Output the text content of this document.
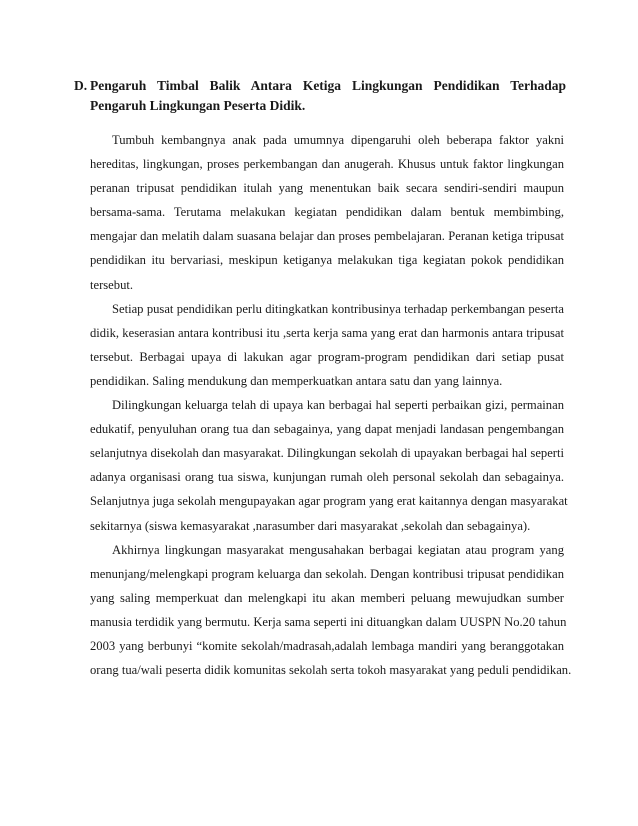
D. Pengaruh Timbal Balik Antara Ketiga Lingkungan Pendidikan Terhadap Pengaruh Lingkungan Peserta Didik.
Tumbuh kembangnya anak pada umumnya dipengaruhi oleh beberapa faktor yakni
hereditas, lingkungan, proses perkembangan dan anugerah. Khusus untuk faktor lingkungan
peranan tripusat pendidikan itulah yang menentukan baik secara sendiri-sendiri maupun
bersama-sama. Terutama melakukan kegiatan pendidikan dalam bentuk membimbing,
mengajar dan melatih dalam suasana belajar dan proses pembelajaran. Peranan ketiga tripusat
pendidikan itu bervariasi, meskipun ketiganya melakukan tiga kegiatan pokok pendidikan
tersebut.
Setiap pusat pendidikan perlu ditingkatkan kontribusinya terhadap perkembangan peserta
didik, keserasian antara kontribusi itu ,serta kerja sama yang erat dan harmonis antara tripusat
tersebut. Berbagai upaya di lakukan agar program-program pendidikan dari setiap pusat
pendidikan. Saling mendukung dan memperkuatkan antara satu dan yang lainnya.
Dilingkungan keluarga telah di upaya kan berbagai hal seperti perbaikan gizi, permainan
edukatif, penyuluhan orang tua dan sebagainya, yang dapat menjadi landasan pengembangan
selanjutnya disekolah dan masyarakat. Dilingkungan sekolah di upayakan berbagai hal seperti
adanya organisasi orang tua siswa, kunjungan rumah oleh personal sekolah dan sebagainya.
Selanjutnya juga sekolah mengupayakan agar program yang erat kaitannya dengan masyarakat
sekitarnya (siswa kemasyarakat ,narasumber dari masyarakat ,sekolah dan sebagainya).
Akhirnya lingkungan masyarakat mengusahakan berbagai kegiatan atau program yang
menunjang/melengkapi program keluarga dan sekolah. Dengan kontribusi tripusat pendidikan
yang saling memperkuat dan melengkapi itu akan memberi peluang mewujudkan sumber
manusia terdidik yang bermutu. Kerja sama seperti ini dituangkan dalam UUSPN No.20 tahun
2003 yang berbunyi “komite sekolah/madrasah,adalah lembaga mandiri yang beranggotakan
orang tua/wali peserta didik komunitas sekolah serta tokoh masyarakat yang peduli pendidikan.
